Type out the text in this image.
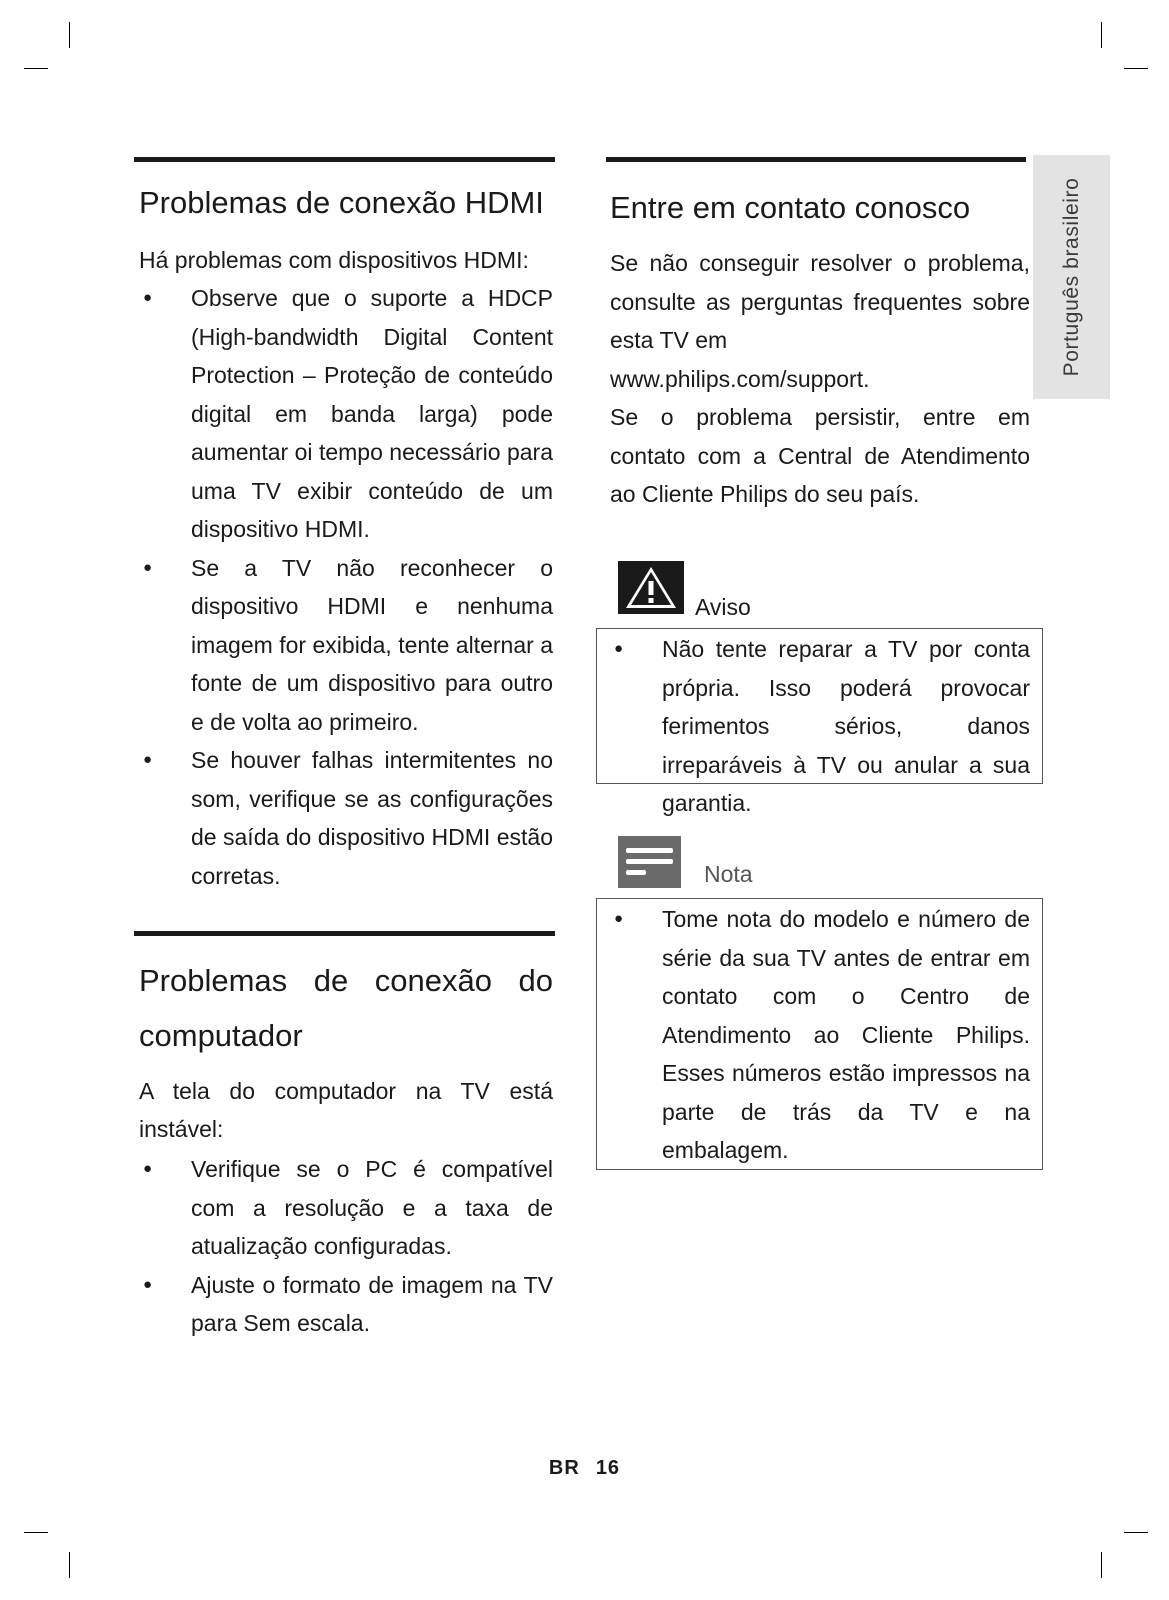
Português brasileiro
Problemas de conexão HDMI
Há problemas com dispositivos HDMI:
● Observe que o suporte a HDCP (High-bandwidth Digital Content Protection – Proteção de conteúdo digital em banda larga) pode aumentar oi tempo necessário para uma TV exibir conteúdo de um dispositivo HDMI.
● Se a TV não reconhecer o dispositivo HDMI e nenhuma imagem for exibida, tente alternar a fonte de um dispositivo para outro e de volta ao primeiro.
● Se houver falhas intermitentes no som, verifique se as configurações de saída do dispositivo HDMI estão corretas.
Problemas de conexão do computador
A tela do computador na TV está instável:
● Verifique se o PC é compatível com a resolução e a taxa de atualização configuradas.
● Ajuste o formato de imagem na TV para Sem escala.
Entre em contato conosco
Se não conseguir resolver o problema, consulte as perguntas frequentes sobre esta TV em
www.philips.com/support.
Se o problema persistir, entre em contato com a Central de Atendimento ao Cliente Philips do seu país.
Aviso
● Não tente reparar a TV por conta própria. Isso poderá provocar ferimentos sérios, danos irreparáveis à TV ou anular a sua garantia.
Nota
● Tome nota do modelo e número de série da sua TV antes de entrar em contato com o Centro de Atendimento ao Cliente Philips. Esses números estão impressos na parte de trás da TV e na embalagem.
BR 16
